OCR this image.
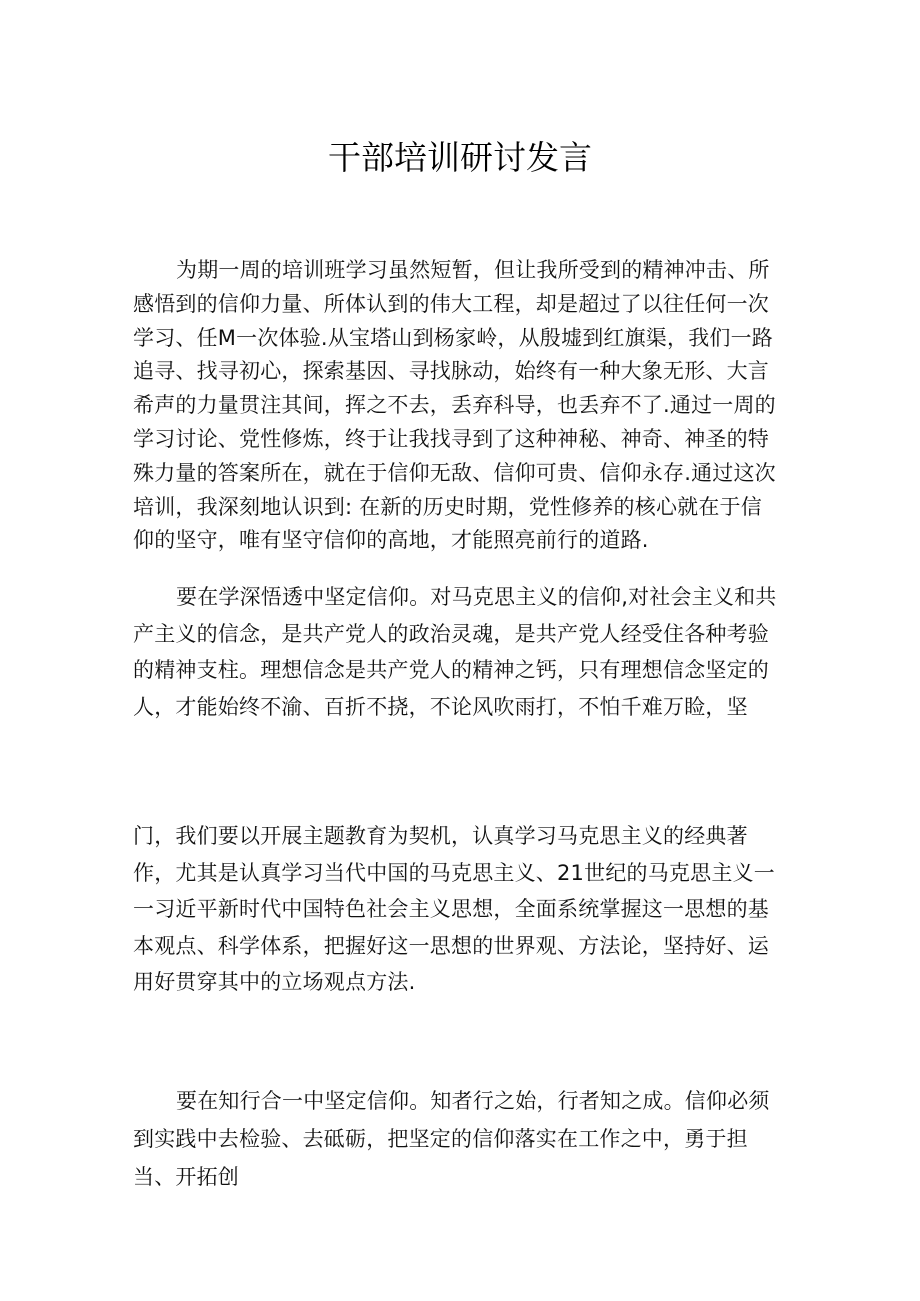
干部培训研讨发言

为期一周的培训班学习虽然短暂，但让我所受到的精神冲击、所感悟到的信仰力量、所体认到的伟大工程，却是超过了以往任何一次学习、任M一次体验.从宝塔山到杨家岭，从殷墟到红旗渠，我们一路追寻、找寻初心，探索基因、寻找脉动，始终有一种大象无形、大言希声的力量贯注其间，挥之不去，丢弃科导，也丢弃不了.通过一周的学习讨论、党性修炼，终于让我找寻到了这种神秘、神奇、神圣的特殊力量的答案所在，就在于信仰无敌、信仰可贵、信仰永存.通过这次培训，我深刻地认识到: 在新的历史时期，党性修养的核心就在于信仰的坚守，唯有坚守信仰的高地，才能照亮前行的道路.

要在学深悟透中坚定信仰。对马克思主义的信仰,对社会主义和共产主义的信念，是共产党人的政治灵魂，是共产党人经受住各种考验的精神支柱。理想信念是共产党人的精神之钙，只有理想信念坚定的人，才能始终不渝、百折不挠，不论风吹雨打，不怕千难万睑，坚

门，我们要以开展主题教育为契机，认真学习马克思主义的经典著作，尤其是认真学习当代中国的马克思主义、21世纪的马克思主义一一习近平新时代中国特色社会主义思想，全面系统掌握这一思想的基本观点、科学体系，把握好这一思想的世界观、方法论，坚持好、运用好贯穿其中的立场观点方法.

要在知行合一中坚定信仰。知者行之始，行者知之成。信仰必须到实践中去检验、去砥砺，把坚定的信仰落实在工作之中，勇于担当、开拓创
